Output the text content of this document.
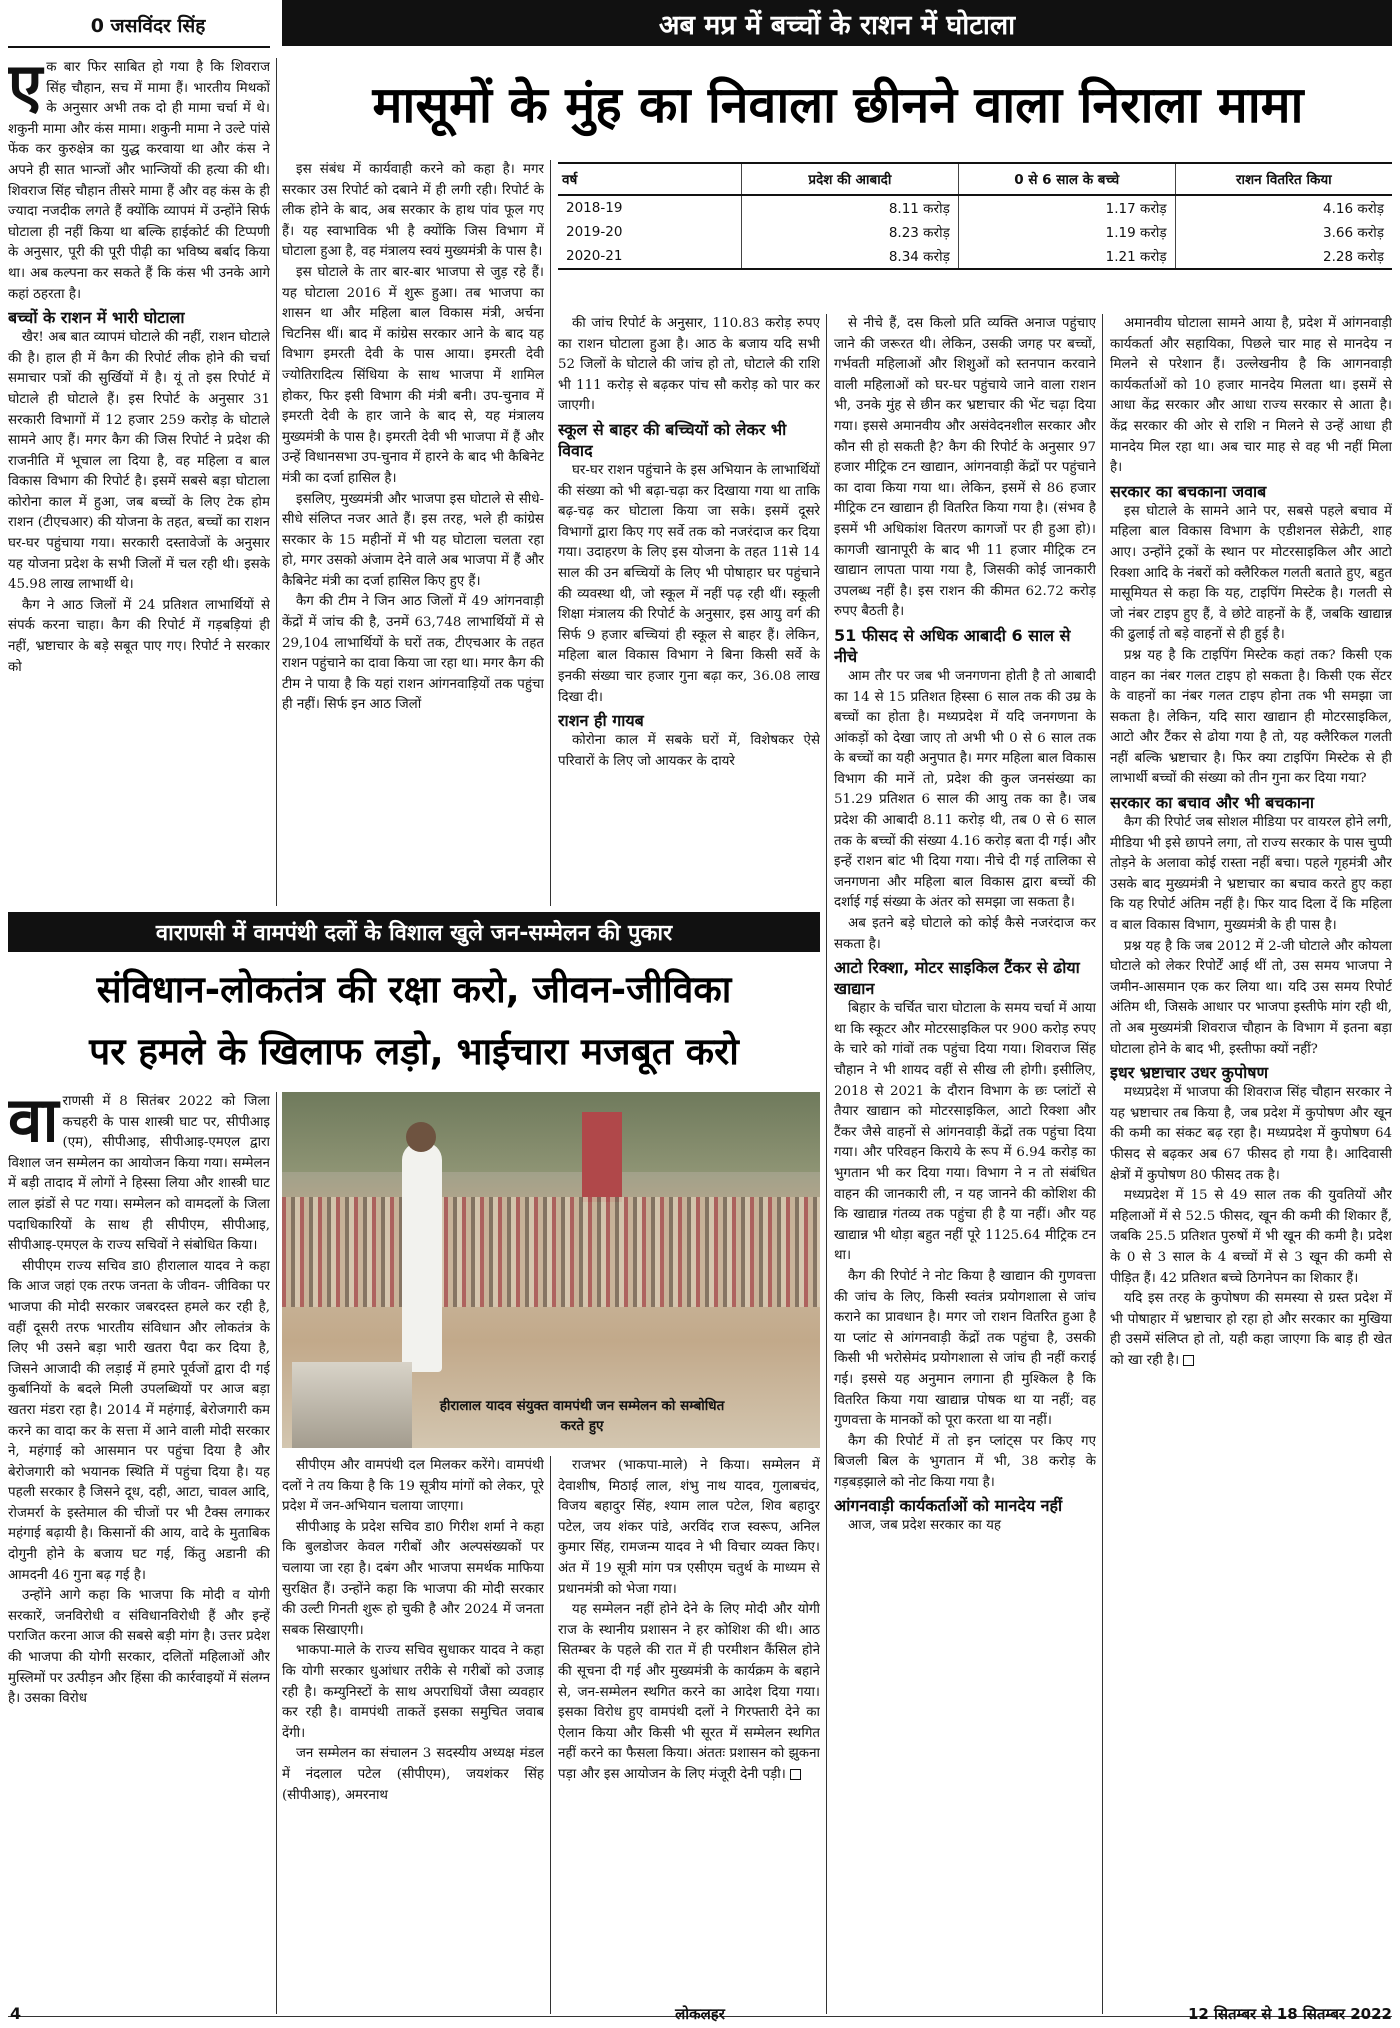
0 जसविंदर सिंह	अब मप्र में बच्चों के राशन में घोटाला
मासूमों के मुंह का निवाला छीनने वाला निराला मामा

एक बार फिर साबित हो गया है कि शिवराज सिंह चौहान, सच में मामा हैं। भारतीय मिथकों के अनुसार अभी तक दो ही मामा चर्चा में थे। शकुनी मामा और कंस मामा। शकुनी मामा ने उल्टे पांसे फेंक कर कुरुक्षेत्र का युद्ध करवाया था और कंस ने अपने ही सात भान्जों और भान्जियों की हत्या की थी। शिवराज सिंह चौहान तीसरे मामा हैं और वह कंस के ही ज्यादा नजदीक लगते हैं क्योंकि व्यापमं में उन्होंने सिर्फ घोटाला ही नहीं किया था बल्कि हाईकोर्ट की टिप्पणी के अनुसार, पूरी की पूरी पीढ़ी का भविष्य बर्बाद किया था। अब कल्पना कर सकते हैं कि कंस भी उनके आगे कहां ठहरता है।

बच्चों के राशन में भारी घोटाला

खैर! अब बात व्यापमं घोटाले की नहीं, राशन घोटाले की है। हाल ही में कैग की रिपोर्ट लीक होने की चर्चा समाचार पत्रों की सुर्खियों में है। यूं तो इस रिपोर्ट में घोटाले ही घोटाले हैं। इस रिपोर्ट के अनुसार 31 सरकारी विभागों में 12 हजार 259 करोड़ के घोटाले सामने आए हैं। मगर कैग की जिस रिपोर्ट ने प्रदेश की राजनीति में भूचाल ला दिया है, वह महिला व बाल विकास विभाग की रिपोर्ट है। इसमें सबसे बड़ा घोटाला कोरोना काल में हुआ, जब बच्चों के लिए टेक होम राशन (टीएचआर) की योजना के तहत, बच्चों का राशन घर-घर पहुंचाया गया। सरकारी दस्तावेजों के अनुसार यह योजना प्रदेश के सभी जिलों में चल रही थी। इसके 45.98 लाख लाभार्थी थे।

कैग ने आठ जिलों में 24 प्रतिशत लाभार्थियों से संपर्क करना चाहा। कैग की रिपोर्ट में गड़बड़ियां ही नहीं, भ्रष्टाचार के बड़े सबूत पाए गए। रिपोर्ट ने सरकार को

इस संबंध में कार्यवाही करने को कहा है। मगर सरकार उस रिपोर्ट को दबाने में ही लगी रही। रिपोर्ट के लीक होने के बाद, अब सरकार के हाथ पांव फूल गए हैं। यह स्वाभाविक भी है क्योंकि जिस विभाग में घोटाला हुआ है, वह मंत्रालय स्वयं मुख्यमंत्री के पास है।

इस घोटाले के तार बार-बार भाजपा से जुड़ रहे हैं। यह घोटाला 2016 में शुरू हुआ। तब भाजपा का शासन था और महिला बाल विकास मंत्री, अर्चना चिटनिस थीं। बाद में कांग्रेस सरकार आने के बाद यह विभाग इमरती देवी के पास आया। इमरती देवी ज्योतिरादित्य सिंधिया के साथ भाजपा में शामिल होकर, फिर इसी विभाग की मंत्री बनी। उप-चुनाव में इमरती देवी के हार जाने के बाद से, यह मंत्रालय मुख्यमंत्री के पास है। इमरती देवी भी भाजपा में हैं और उन्हें विधानसभा उप-चुनाव में हारने के बाद भी कैबिनेट मंत्री का दर्जा हासिल है।

इसलिए, मुख्यमंत्री और भाजपा इस घोटाले से सीधे-सीधे संलिप्त नजर आते हैं। इस तरह, भले ही कांग्रेस सरकार के 15 महीनों में भी यह घोटाला चलता रहा हो, मगर उसको अंजाम देने वाले अब भाजपा में हैं और कैबिनेट मंत्री का दर्जा हासिल किए हुए हैं।

कैग की टीम ने जिन आठ जिलों में 49 आंगनवाड़ी केंद्रों में जांच की है, उनमें 63,748 लाभार्थियों में से 29,104 लाभार्थियों के घरों तक, टीएचआर के तहत राशन पहुंचाने का दावा किया जा रहा था। मगर कैग की टीम ने पाया है कि यहां राशन आंगनवाड़ियों तक पहुंचा ही नहीं। सिर्फ इन आठ जिलों

वर्ष	प्रदेश की आबादी	0 से 6 साल के बच्चे	राशन वितरित किया
2018-19	8.11 करोड़	1.17 करोड़	4.16 करोड़
2019-20	8.23 करोड़	1.19 करोड़	3.66 करोड़
2020-21	8.34 करोड़	1.21 करोड़	2.28 करोड़

की जांच रिपोर्ट के अनुसार, 110.83 करोड़ रुपए का राशन घोटाला हुआ है। आठ के बजाय यदि सभी 52 जिलों के घोटाले की जांच हो तो, घोटाले की राशि भी 111 करोड़ से बढ़कर पांच सौ करोड़ को पार कर जाएगी।

स्कूल से बाहर की बच्चियों को लेकर भी विवाद

घर-घर राशन पहुंचाने के इस अभियान के लाभार्थियों की संख्या को भी बढ़ा-चढ़ा कर दिखाया गया था ताकि बढ़-चढ़ कर घोटाला किया जा सके। इसमें दूसरे विभागों द्वारा किए गए सर्वे तक को नजरंदाज कर दिया गया। उदाहरण के लिए इस योजना के तहत 11से 14 साल की उन बच्चियों के लिए भी पोषाहार घर पहुंचाने की व्यवस्था थी, जो स्कूल में नहीं पढ़ रही थीं। स्कूली शिक्षा मंत्रालय की रिपोर्ट के अनुसार, इस आयु वर्ग की सिर्फ 9 हजार बच्चियां ही स्कूल से बाहर हैं। लेकिन, महिला बाल विकास विभाग ने बिना किसी सर्वे के इनकी संख्या चार हजार गुना बढ़ा कर, 36.08 लाख दिखा दी।

राशन ही गायब

कोरोना काल में सबके घरों में, विशेषकर ऐसे परिवारों के लिए जो आयकर के दायरे

से नीचे हैं, दस किलो प्रति व्यक्ति अनाज पहुंचाए जाने की जरूरत थी। लेकिन, उसकी जगह पर बच्चों, गर्भवती महिलाओं और शिशुओं को स्तनपान करवाने वाली महिलाओं को घर-घर पहुंचाये जाने वाला राशन भी, उनके मुंह से छीन कर भ्रष्टाचार की भेंट चढ़ा दिया गया। इससे अमानवीय और असंवेदनशील सरकार और कौन सी हो सकती है? कैग की रिपोर्ट के अनुसार 97 हजार मीट्रिक टन खाद्यान, आंगनवाड़ी केंद्रों पर पहुंचाने का दावा किया गया था। लेकिन, इसमें से 86 हजार मीट्रिक टन खाद्यान ही वितरित किया गया है। (संभव है इसमें भी अधिकांश वितरण कागजों पर ही हुआ हो)। कागजी खानापूरी के बाद भी 11 हजार मीट्रिक टन खाद्यान लापता पाया गया है, जिसकी कोई जानकारी उपलब्ध नहीं है। इस राशन की कीमत 62.72 करोड़ रुपए बैठती है।

51 फीसद से अधिक आबादी 6 साल से नीचे

आम तौर पर जब भी जनगणना होती है तो आबादी का 14 से 15 प्रतिशत हिस्सा 6 साल तक की उम्र के बच्चों का होता है। मध्यप्रदेश में यदि जनगणना के आंकड़ों को देखा जाए तो अभी भी 0 से 6 साल तक के बच्चों का यही अनुपात है। मगर महिला बाल विकास विभाग की मानें तो, प्रदेश की कुल जनसंख्या का 51.29 प्रतिशत 6 साल की आयु तक का है। जब प्रदेश की आबादी 8.11 करोड़ थी, तब 0 से 6 साल तक के बच्चों की संख्या 4.16 करोड़ बता दी गई। और इन्हें राशन बांट भी दिया गया। नीचे दी गई तालिका से जनगणना और महिला बाल विकास द्वारा बच्चों की दर्शाई गई संख्या के अंतर को समझा जा सकता है।

अब इतने बड़े घोटाले को कोई कैसे नजरंदाज कर सकता है।

आटो रिक्शा, मोटर साइकिल टैंकर से ढोया खाद्यान

बिहार के चर्चित चारा घोटाला के समय चर्चा में आया था कि स्कूटर और मोटरसाइकिल पर 900 करोड़ रुपए के चारे को गांवों तक पहुंचा दिया गया। शिवराज सिंह चौहान ने भी शायद वहीं से सीख ली होगी। इसीलिए, 2018 से 2021 के दौरान विभाग के छः प्लांटों से तैयार खाद्यान को मोटरसाइकिल, आटो रिक्शा और टैंकर जैसे वाहनों से आंगनवाड़ी केंद्रों तक पहुंचा दिया गया। और परिवहन किराये के रूप में 6.94 करोड़ का भुगतान भी कर दिया गया। विभाग ने न तो संबंधित वाहन की जानकारी ली, न यह जानने की कोशिश की कि खाद्यान्न गंतव्य तक पहुंचा ही है या नहीं। और यह खाद्यान्न भी थोड़ा बहुत नहीं पूरे 1125.64 मीट्रिक टन था।

कैग की रिपोर्ट ने नोट किया है खाद्यान की गुणवत्ता की जांच के लिए, किसी स्वतंत्र प्रयोगशाला से जांच कराने का प्रावधान है। मगर जो राशन वितरित हुआ है या प्लांट से आंगनवाड़ी केंद्रों तक पहुंचा है, उसकी किसी भी भरोसेमंद प्रयोगशाला से जांच ही नहीं कराई गई। इससे यह अनुमान लगाना ही मुश्किल है कि वितरित किया गया खाद्यान्न पोषक था या नहीं; वह गुणवत्ता के मानकों को पूरा करता था या नहीं।

कैग की रिपोर्ट में तो इन प्लांट्स पर किए गए बिजली बिल के भुगतान में भी, 38 करोड़ के गड़बड़झाले को नोट किया गया है।

आंगनवाड़ी कार्यकर्ताओं को मानदेय नहीं

आज, जब प्रदेश सरकार का यह

अमानवीय घोटाला सामने आया है, प्रदेश में आंगनवाड़ी कार्यकर्ता और सहायिका, पिछले चार माह से मानदेय न मिलने से परेशान हैं। उल्लेखनीय है कि आगनवाड़ी कार्यकर्ताओं को 10 हजार मानदेय मिलता था। इसमें से आधा केंद्र सरकार और आधा राज्य सरकार से आता है। केंद्र सरकार की ओर से राशि न मिलने से उन्हें आधा ही मानदेय मिल रहा था। अब चार माह से वह भी नहीं मिला है।

सरकार का बचकाना जवाब

इस घोटाले के सामने आने पर, सबसे पहले बचाव में महिला बाल विकास विभाग के एडीशनल सेक्रेटी, शाह आए। उन्होंने ट्रकों के स्थान पर मोटरसाइकिल और आटो रिक्शा आदि के नंबरों को क्लैरिकल गलती बताते हुए, बहुत मासूमियत से कहा कि यह, टाइपिंग मिस्टेक है। गलती से जो नंबर टाइप हुए हैं, वे छोटे वाहनों के हैं, जबकि खाद्यान्न की ढुलाई तो बड़े वाहनों से ही हुई है।

प्रश्न यह है कि टाइपिंग मिस्टेक कहां तक? किसी एक वाहन का नंबर गलत टाइप हो सकता है। किसी एक सेंटर के वाहनों का नंबर गलत टाइप होना तक भी समझा जा सकता है। लेकिन, यदि सारा खाद्यान ही मोटरसाइकिल, आटो और टैंकर से ढोया गया है तो, यह क्लैरिकल गलती नहीं बल्कि भ्रष्टाचार है। फिर क्या टाइपिंग मिस्टेक से ही लाभार्थी बच्चों की संख्या को तीन गुना कर दिया गया?

सरकार का बचाव और भी बचकाना

कैग की रिपोर्ट जब सोशल मीडिया पर वायरल होने लगी, मीडिया भी इसे छापने लगा, तो राज्य सरकार के पास चुप्पी तोड़ने के अलावा कोई रास्ता नहीं बचा। पहले गृहमंत्री और उसके बाद मुख्यमंत्री ने भ्रष्टाचार का बचाव करते हुए कहा कि यह रिपोर्ट अंतिम नहीं है। फिर याद दिला दें कि महिला व बाल विकास विभाग, मुख्यमंत्री के ही पास है।

प्रश्न यह है कि जब 2012 में 2-जी घोटाले और कोयला घोटाले को लेकर रिपोर्टें आई थीं तो, उस समय भाजपा ने जमीन-आसमान एक कर लिया था। यदि उस समय रिपोर्ट अंतिम थी, जिसके आधार पर भाजपा इस्तीफे मांग रही थी, तो अब मुख्यमंत्री शिवराज चौहान के विभाग में इतना बड़ा घोटाला होने के बाद भी, इस्तीफा क्यों नहीं?

इधर भ्रष्टाचार उधर कुपोषण

मध्यप्रदेश में भाजपा की शिवराज सिंह चौहान सरकार ने यह भ्रष्टाचार तब किया है, जब प्रदेश में कुपोषण और खून की कमी का संकट बढ़ रहा है। मध्यप्रदेश में कुपोषण 64 फीसद से बढ़कर अब 67 फीसद हो गया है। आदिवासी क्षेत्रों में कुपोषण 80 फीसद तक है।

मध्यप्रदेश में 15 से 49 साल तक की युवतियों और महिलाओं में से 52.5 फीसद, खून की कमी की शिकार हैं, जबकि 25.5 प्रतिशत पुरुषों में भी खून की कमी है। प्रदेश के 0 से 3 साल के 4 बच्चों में से 3 खून की कमी से पीड़ित हैं। 42 प्रतिशत बच्चे ठिगनेपन का शिकार हैं।

यदि इस तरह के कुपोषण की समस्या से ग्रस्त प्रदेश में भी पोषाहार में भ्रष्टाचार हो रहा हो और सरकार का मुखिया ही उसमें संलिप्त हो तो, यही कहा जाएगा कि बाड़ ही खेत को खा रही है।

वाराणसी में वामपंथी दलों के विशाल खुले जन-सम्मेलन की पुकार
संविधान-लोकतंत्र की रक्षा करो, जीवन-जीविका
पर हमले के खिलाफ लड़ो, भाईचारा मजबूत करो

वाराणसी में 8 सितंबर 2022 को जिला कचहरी के पास शास्त्री घाट पर, सीपीआइ (एम), सीपीआइ, सीपीआइ-एमएल द्वारा विशाल जन सम्मेलन का आयोजन किया गया। सम्मेलन में बड़ी तादाद में लोगों ने हिस्सा लिया और शास्त्री घाट लाल झंडों से पट गया। सम्मेलन को वामदलों के जिला पदाधिकारियों के साथ ही सीपीएम, सीपीआइ, सीपीआइ-एमएल के राज्य सचिवों ने संबोधित किया।

सीपीएम राज्य सचिव डा0 हीरालाल यादव ने कहा कि आज जहां एक तरफ जनता के जीवन- जीविका पर भाजपा की मोदी सरकार जबरदस्त हमले कर रही है, वहीं दूसरी तरफ भारतीय संविधान और लोकतंत्र के लिए भी उसने बड़ा भारी खतरा पैदा कर दिया है, जिसने आजादी की लड़ाई में हमारे पूर्वजों द्वारा दी गई कुर्बानियों के बदले मिली उपलब्धियों पर आज बड़ा खतरा मंडरा रहा है। 2014 में महंगाई, बेरोजगारी कम करने का वादा कर के सत्ता में आने वाली मोदी सरकार ने, महंगाई को आसमान पर पहुंचा दिया है और बेरोजगारी को भयानक स्थिति में पहुंचा दिया है। यह पहली सरकार है जिसने दूध, दही, आटा, चावल आदि, रोजमर्रा के इस्तेमाल की चीजों पर भी टैक्स लगाकर महंगाई बढ़ायी है। किसानों की आय, वादे के मुताबिक दोगुनी होने के बजाय घट गई, किंतु अडानी की आमदनी 46 गुना बढ़ गई है।

उन्होंने आगे कहा कि भाजपा कि मोदी व योगी सरकारें, जनविरोधी व संविधानविरोधी हैं और इन्हें पराजित करना आज की सबसे बड़ी मांग है। उत्तर प्रदेश की भाजपा की योगी सरकार, दलितों महिलाओं और मुस्लिमों पर उत्पीड़न और हिंसा की कार्रवाइयों में संलग्न है। उसका विरोध

हीरालाल यादव संयुक्त वामपंथी जन सम्मेलन को सम्बोधित करते हुए

सीपीएम और वामपंथी दल मिलकर करेंगे। वामपंथी दलों ने तय किया है कि 19 सूत्रीय मांगों को लेकर, पूरे प्रदेश में जन-अभियान चलाया जाएगा।

सीपीआइ के प्रदेश सचिव डा0 गिरीश शर्मा ने कहा कि बुलडोजर केवल गरीबों और अल्पसंख्यकों पर चलाया जा रहा है। दबंग और भाजपा समर्थक माफिया सुरक्षित हैं। उन्होंने कहा कि भाजपा की मोदी सरकार की उल्टी गिनती शुरू हो चुकी है और 2024 में जनता सबक सिखाएगी।

भाकपा-माले के राज्य सचिव सुधाकर यादव ने कहा कि योगी सरकार धुआंधार तरीके से गरीबों को उजाड़ रही है। कम्युनिस्टों के साथ अपराधियों जैसा व्यवहार कर रही है। वामपंथी ताकतें इसका समुचित जवाब देंगी।

जन सम्मेलन का संचालन 3 सदस्यीय अध्यक्ष मंडल में नंदलाल पटेल (सीपीएम), जयशंकर सिंह (सीपीआइ), अमरनाथ

राजभर (भाकपा-माले) ने किया। सम्मेलन में देवाशीष, मिठाई लाल, शंभु नाथ यादव, गुलाबचंद, विजय बहादुर सिंह, श्याम लाल पटेल, शिव बहादुर पटेल, जय शंकर पांडे, अरविंद राज स्वरूप, अनिल कुमार सिंह, रामजन्म यादव ने भी विचार व्यक्त किए। अंत में 19 सूत्री मांग पत्र एसीएम चतुर्थ के माध्यम से प्रधानमंत्री को भेजा गया।

यह सम्मेलन नहीं होने देने के लिए मोदी और योगी राज के स्थानीय प्रशासन ने हर कोशिश की थी। आठ सितम्बर के पहले की रात में ही परमीशन कैंसिल होने की सूचना दी गई और मुख्यमंत्री के कार्यक्रम के बहाने से, जन-सम्मेलन स्थगित करने का आदेश दिया गया। इसका विरोध हुए वामपंथी दलों ने गिरफ्तारी देने का ऐलान किया और किसी भी सूरत में सम्मेलन स्थगित नहीं करने का फैसला किया। अंततः प्रशासन को झुकना पड़ा और इस आयोजन के लिए मंजूरी देनी पड़ी।

4	लोकलहर	12 सितम्बर से 18 सितम्बर 2022
